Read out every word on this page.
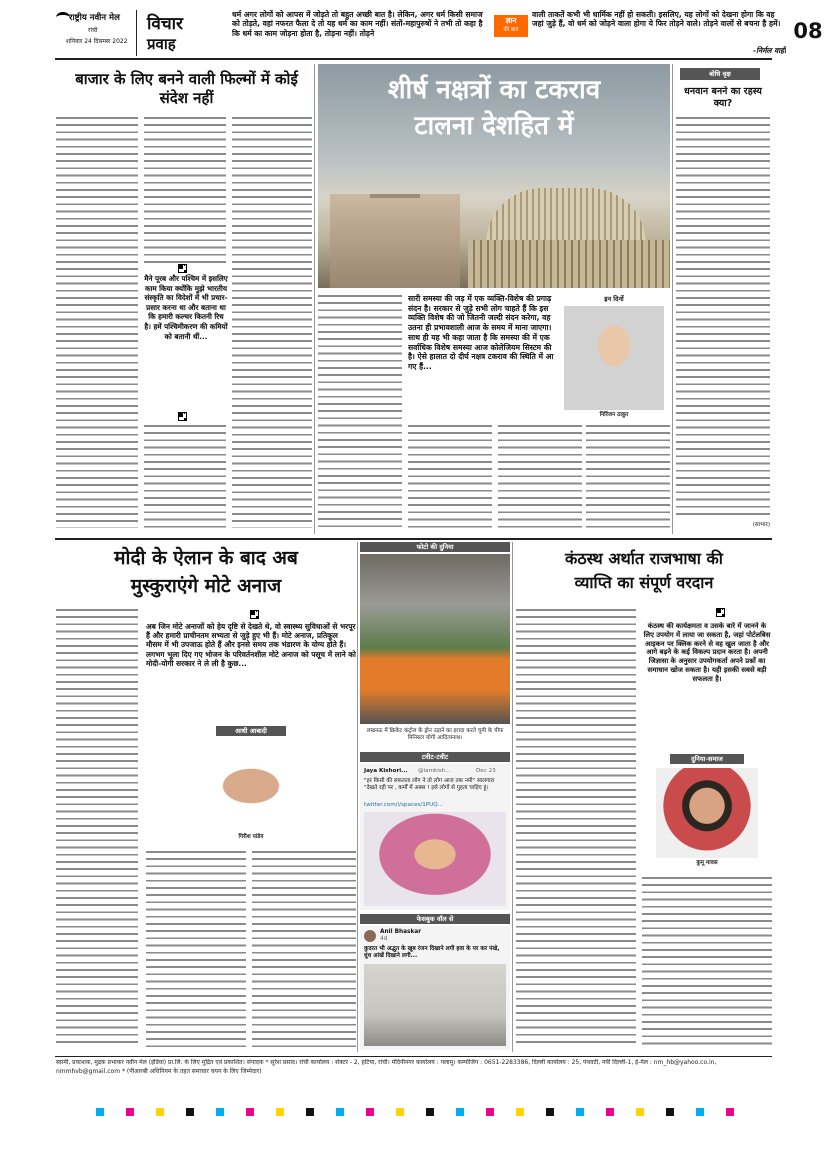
राष्ट्रीय नवीन मेल
रांची
शनिवार 24 दिसम्बर 2022
विचार
प्रवाह
धर्म अगर लोगों को आपस में जोड़ते तो बहुत अच्छी बात है। लेकिन, अगर धर्म किसी समाज को तोड़ते, वहां नफरत फैला दे तो यह धर्म का काम नहीं। संतों-महापुरुषों ने तभी तो कहा है कि धर्म का काम जोड़ना होता है, तोड़ना नहीं। तोड़ने
ज्ञान
की बात
वाली ताकतें कभी भी धार्मिक नहीं हो सकती। इसलिए, यह लोगों को देखना होगा कि वह जहां जुड़े हैं, वो धर्म को जोड़ने वाला होगा ये फिर तोड़ने वाले। तोड़ने वालों से बचना है हमें।
-निर्मल वाही
08
बाजार के लिए बनने वाली फिल्मों में कोई संदेश नहीं
मैने पूरब और पश्चिम में इसलिए काम किया क्योंकि मुझे भारतीय संस्कृति का विदेशों में भी प्रचार-प्रसार करना था और बताना था कि हमारी कल्चर कितनी रिच है। हमें पश्चिमीकरण की कमियों को बतानी थीं...
शीर्ष नक्षत्रों का टकराव
टालना देशहित में
सारी समस्या की जड़ में एक व्यक्ति-विशेष की प्रगाढ़ संदन है। सरकार से जुड़े सभी लोग चाहते हैं कि इस व्यक्ति विशेष की जो जितनी जल्दी संदन करेगा, वह उतना ही प्रभावशाली आज के समय में माना जाएगा। साथ ही यह भी कहा जाता है कि समस्या की में एक सर्वाधिक विशेष समस्या आज कोलेजियम सिस्टम की है। ऐसे हालात दो दीर्घ नक्षत्र टकराव की स्थिति में आ गए हैं...
इन दिनों
निरिंजन ठाकुर
बोधि वृक्ष
धनवान बनने का रहस्य क्या?
(साभार)
मोदी के ऐलान के बाद अब
मुस्कुराएंगे मोटे अनाज
अब जिन मोटे अनाजों को हेय दृष्टि से देखते थे, वो स्वास्थ्य सुविधाओं से भरपूर हैं और हमारी प्राचीनतम सभ्यता से जुड़े हुए भी हैं। मोटे अनाज, प्रतिकूल मौसम में भी उपजाऊ होते हैं और इनसे समय तक भंडारण के योग्य होते हैं। लगभग भूला दिए गए भोजन के परिवर्तनशील मोटे अनाज को पसूच में लाने को मोदी-योगी सरकार ने ले ली है कुछ...
आधी आबादी
गिरीश पांडेय
फोटो की दुनिया
लखनऊ में क्रिकेट कंट्रोल के ड्रोन उड़ाने का इरादा करते चूमी के चीफ मिनिस्टर योगी आदित्यनाथ।
टवीट-टवीट
Jaya Kishori... @iamkish...	Dec 23
"हर किसी की सफलता लोग ने तो लोग आज तक नमी" सालगारा "देखते रही पर , कर्मों में अक्स ! इसे लोगों से गुहता चाहिए हूं।
twitter.com/i/spaces/1PUQ...
फेसबुक वॉल से
Anil Bhaskar
4d
कुदरत भी अद्भुत के खूब रंजन दिखाने लगी हवा के पर कर पंखे, धुंध आंखें दिखाने लगी...
कंठस्थ अर्थात राजभाषा की
व्याप्ति का संपूर्ण वरदान
कंठस्थ की कार्यक्षमता व उसके बारे में जानने के लिए उपयोग में लाया जा सकता है, जहां पोर्टलबिस आइकन पर क्लिक करने से वह खुल जाता है और आगे बढ़ने के कई विकल्प प्रदान करता है। अपनी जिज्ञासा के अनुसार उपयोगकर्ता अपने प्रश्नों का समाधान खोज सकता है। यही इसकी सबसे बड़ी सफलता है।
दुनिया-समाज
कुमू मावस
स्वामी, प्रकाशक, मुद्रक प्रभाकर नवीन मेल (इंडिया) प्रा.लि. के लिए मुद्रित एवं प्रकाशित। संपादक * सुरेश प्रसाद। रांची कार्यालय : सेक्टर - 2, हटिया, रांची। मेदिनीनगर कार्यालय : पलामू। कम्पोजिंग : 0651-2283386, दिल्ली कार्यालय : 25, पंचवटी, नयी दिल्ली-1, ई-मेल : nm_hb@yahoo.co.in, nmmhvb@gmail.com * (पीआरबी अधिनियम के तहत समाचार चयन के लिए जिम्मेदार)
